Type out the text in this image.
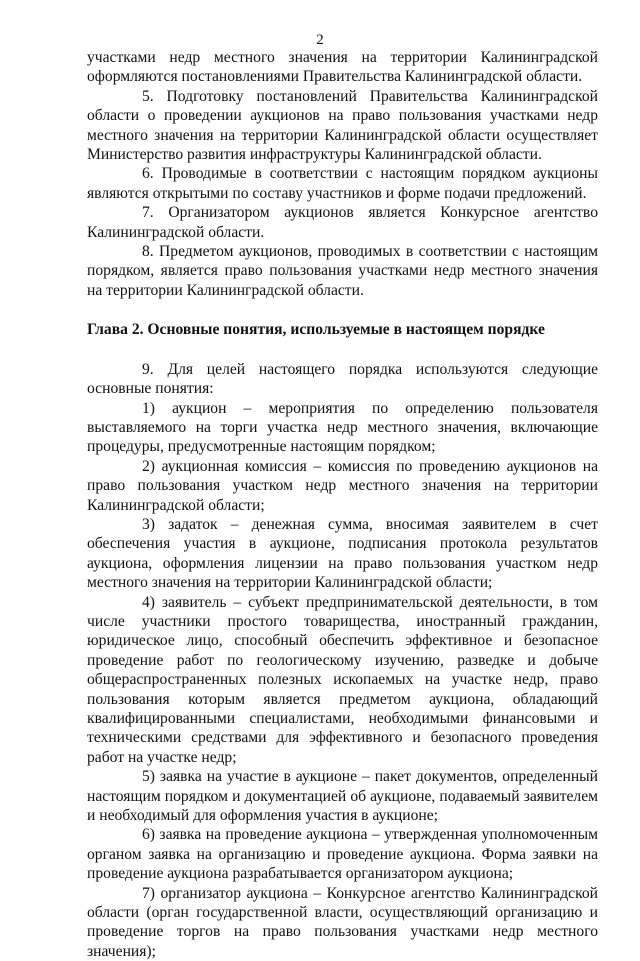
2

участками недр местного значения на территории Калининградской оформляются постановлениями Правительства Калининградской области.

5. Подготовку постановлений Правительства Калининградской области о проведении аукционов на право пользования участками недр местного значения на территории Калининградской области осуществляет Министерство развития инфраструктуры Калининградской области.

6. Проводимые в соответствии с настоящим порядком аукционы являются открытыми по составу участников и форме подачи предложений.

7. Организатором аукционов является Конкурсное агентство Калининградской области.

8. Предметом аукционов, проводимых в соответствии с настоящим порядком, является право пользования участками недр местного значения на территории Калининградской области.

Глава 2. Основные понятия, используемые в настоящем порядке

9. Для целей настоящего порядка используются следующие основные понятия:

1) аукцион – мероприятия по определению пользователя выставляемого на торги участка недр местного значения, включающие процедуры, предусмотренные настоящим порядком;

2) аукционная комиссия – комиссия по проведению аукционов на право пользования участком недр местного значения на территории Калининградской области;

3) задаток – денежная сумма, вносимая заявителем в счет обеспечения участия в аукционе, подписания протокола результатов аукциона, оформления лицензии на право пользования участком недр местного значения на территории Калининградской области;

4) заявитель – субъект предпринимательской деятельности, в том числе участники простого товарищества, иностранный гражданин, юридическое лицо, способный обеспечить эффективное и безопасное проведение работ по геологическому изучению, разведке и добыче общераспространенных полезных ископаемых на участке недр, право пользования которым является предметом аукциона, обладающий квалифицированными специалистами, необходимыми финансовыми и техническими средствами для эффективного и безопасного проведения работ на участке недр;

5) заявка на участие в аукционе – пакет документов, определенный настоящим порядком и документацией об аукционе, подаваемый заявителем и необходимый для оформления участия в аукционе;

6) заявка на проведение аукциона – утвержденная уполномоченным органом заявка на организацию и проведение аукциона. Форма заявки на проведение аукциона разрабатывается организатором аукциона;

7) организатор аукциона – Конкурсное агентство Калининградской области (орган государственной власти, осуществляющий организацию и проведение торгов на право пользования участками недр местного значения);
